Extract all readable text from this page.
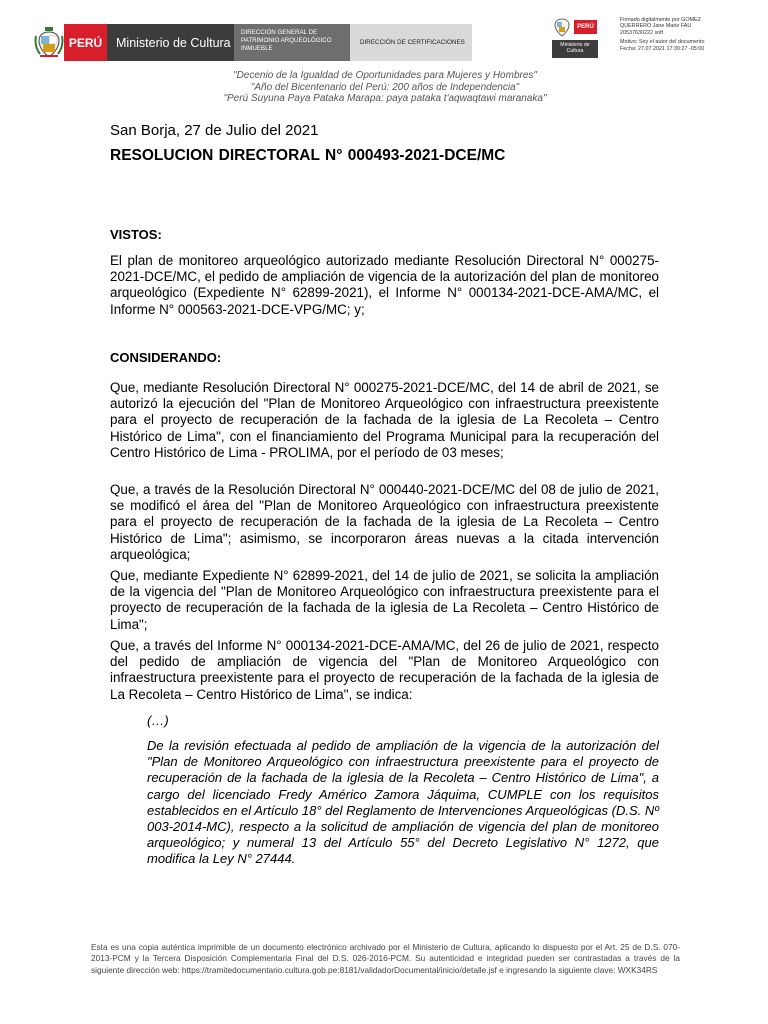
PERÚ	Ministerio de Cultura
DIRECCIÓN GENERAL DE PATRIMONIO ARQUEOLÓGICO INMUEBLE
DIRECCIÓN DE CERTIFICACIONES
PERÚ
Ministerio de Cultura
Firmado digitalmente por GOMEZ
QUERRERO Jane Marie FAU
20537630222 soft
Motivo: Soy el autor del documento
Fecha: 27.07.2021 17:30:27 -05:00
"Decenio de la Igualdad de Oportunidades para Mujeres y Hombres"
"Año del Bicentenario del Perú: 200 años de Independencia"
"Perú Suyuna Paya Pataka Marapa: paya pataka t'aqwaqtawi maranaka"
San Borja, 27 de Julio del 2021
RESOLUCION DIRECTORAL N° 000493-2021-DCE/MC
VISTOS:

El plan de monitoreo arqueológico autorizado mediante Resolución Directoral N° 000275-2021-DCE/MC, el pedido de ampliación de vigencia de la autorización del plan de monitoreo arqueológico (Expediente N° 62899-2021), el Informe N° 000134-2021-DCE-AMA/MC, el Informe N° 000563-2021-DCE-VPG/MC; y;

CONSIDERANDO:

Que, mediante Resolución Directoral N° 000275-2021-DCE/MC, del 14 de abril de 2021, se autorizó la ejecución del "Plan de Monitoreo Arqueológico con infraestructura preexistente para el proyecto de recuperación de la fachada de la iglesia de La Recoleta – Centro Histórico de Lima", con el financiamiento del Programa Municipal para la recuperación del Centro Histórico de Lima - PROLIMA, por el período de 03 meses;

Que, a través de la Resolución Directoral N° 000440-2021-DCE/MC del 08 de julio de 2021, se modificó el área del "Plan de Monitoreo Arqueológico con infraestructura preexistente para el proyecto de recuperación de la fachada de la iglesia de La Recoleta – Centro Histórico de Lima"; asimismo, se incorporaron áreas nuevas a la citada intervención arqueológica;

Que, mediante Expediente N° 62899-2021, del 14 de julio de 2021, se solicita la ampliación de la vigencia del "Plan de Monitoreo Arqueológico con infraestructura preexistente para el proyecto de recuperación de la fachada de la iglesia de La Recoleta – Centro Histórico de Lima";

Que, a través del Informe N° 000134-2021-DCE-AMA/MC, del 26 de julio de 2021, respecto del pedido de ampliación de vigencia del "Plan de Monitoreo Arqueológico con infraestructura preexistente para el proyecto de recuperación de la fachada de la iglesia de La Recoleta – Centro Histórico de Lima", se indica:

(…)

De la revisión efectuada al pedido de ampliación de la vigencia de la autorización del "Plan de Monitoreo Arqueológico con infraestructura preexistente para el proyecto de recuperación de la fachada de la iglesia de la Recoleta – Centro Histórico de Lima", a cargo del licenciado Fredy Américo Zamora Jáquima, CUMPLE con los requisitos establecidos en el Artículo 18° del Reglamento de Intervenciones Arqueológicas (D.S. Nº 003-2014-MC), respecto a la solicitud de ampliación de vigencia del plan de monitoreo arqueológico; y numeral 13 del Artículo 55° del Decreto Legislativo N° 1272, que modifica la Ley N° 27444.

Esta es una copia auténtica imprimible de un documento electrónico archivado por el Ministerio de Cultura, aplicando lo dispuesto por el Art. 25 de D.S. 070-2013-PCM y la Tercera Disposición Complementaria Final del D.S. 026-2016-PCM. Su autenticidad e integridad pueden ser contrastadas a través de la siguiente dirección web: https://tramitedocumentario.cultura.gob.pe:8181/validadorDocumental/inicio/detalle.jsf e ingresando la siguiente clave: WXK34RS
